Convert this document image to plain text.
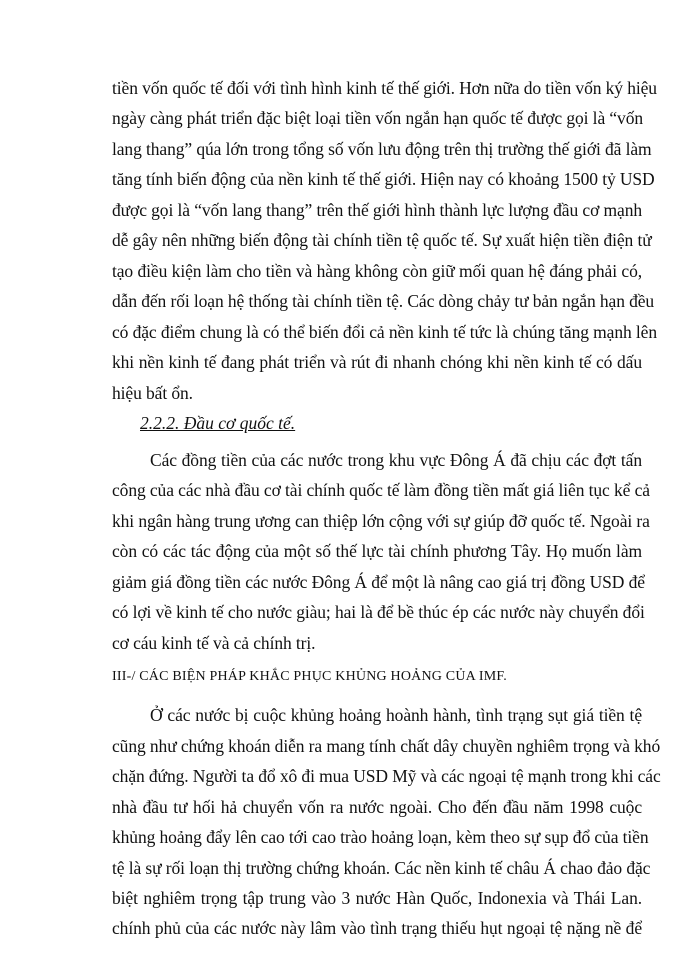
tiền vốn quốc tế đối với tình hình kinh tế thế giới. Hơn nữa do tiền vốn ký hiệu
ngày càng phát triển đặc biệt loại tiền vốn ngắn hạn quốc tế được gọi là “vốn
lang thang” qúa lớn trong tổng số vốn lưu động trên thị trường thế giới đã làm
tăng tính biến động của nền kinh tế thế giới. Hiện nay có khoảng 1500 tỷ USD
được gọi là “vốn lang thang” trên thế giới hình thành lực lượng đầu cơ mạnh
dễ gây nên những biến động tài chính tiền tệ quốc tế. Sự xuất hiện tiền điện tử
tạo điều kiện làm cho tiền và hàng không còn giữ mối quan hệ đáng phải có,
dẫn đến rối loạn hệ thống tài chính tiền tệ. Các dòng chảy tư bản ngắn hạn đều
có đặc điểm chung là có thể biến đổi cả nền kinh tế tức là chúng tăng mạnh lên
khi nền kinh tế đang phát triển và rút đi nhanh chóng khi nền kinh tế có dấu
hiệu bất ổn.
2.2.2. Đầu cơ quốc tế.
Các đồng tiền của các nước trong khu vực Đông Á đã chịu các đợt tấn
công của các nhà đầu cơ tài chính quốc tế làm đồng tiền mất giá liên tục kể cả
khi ngân hàng trung ương can thiệp lớn cộng với sự giúp đỡ quốc tế. Ngoài ra
còn có các tác động của một số thế lực tài chính phương Tây. Họ muốn làm
giảm giá đồng tiền các nước Đông Á để một là nâng cao giá trị đồng USD để
có lợi về kinh tế cho nước giàu; hai là để bề thúc ép các nước này chuyển đổi
cơ cáu kinh tế và cả chính trị.
III-/ CÁC BIỆN PHÁP KHẮC PHỤC KHỦNG HOẢNG CỦA IMF.
Ở các nước bị cuộc khủng hoảng hoành hành, tình trạng sụt giá tiền tệ
cũng như chứng khoán diễn ra mang tính chất dây chuyền nghiêm trọng và khó
chặn đứng. Người ta đổ xô đi mua USD Mỹ và các ngoại tệ mạnh trong khi các
nhà đầu tư hối hả chuyển vốn ra nước ngoài. Cho đến đầu năm 1998 cuộc
khủng hoảng đẩy lên cao tới cao trào hoảng loạn, kèm theo sự sụp đổ của tiền
tệ là sự rối loạn thị trường chứng khoán. Các nền kinh tế châu Á chao đảo đặc
biệt nghiêm trọng tập trung vào 3 nước Hàn Quốc, Indonexia và Thái Lan.
chính phủ của các nước này lâm vào tình trạng thiếu hụt ngoại tệ nặng nề để
